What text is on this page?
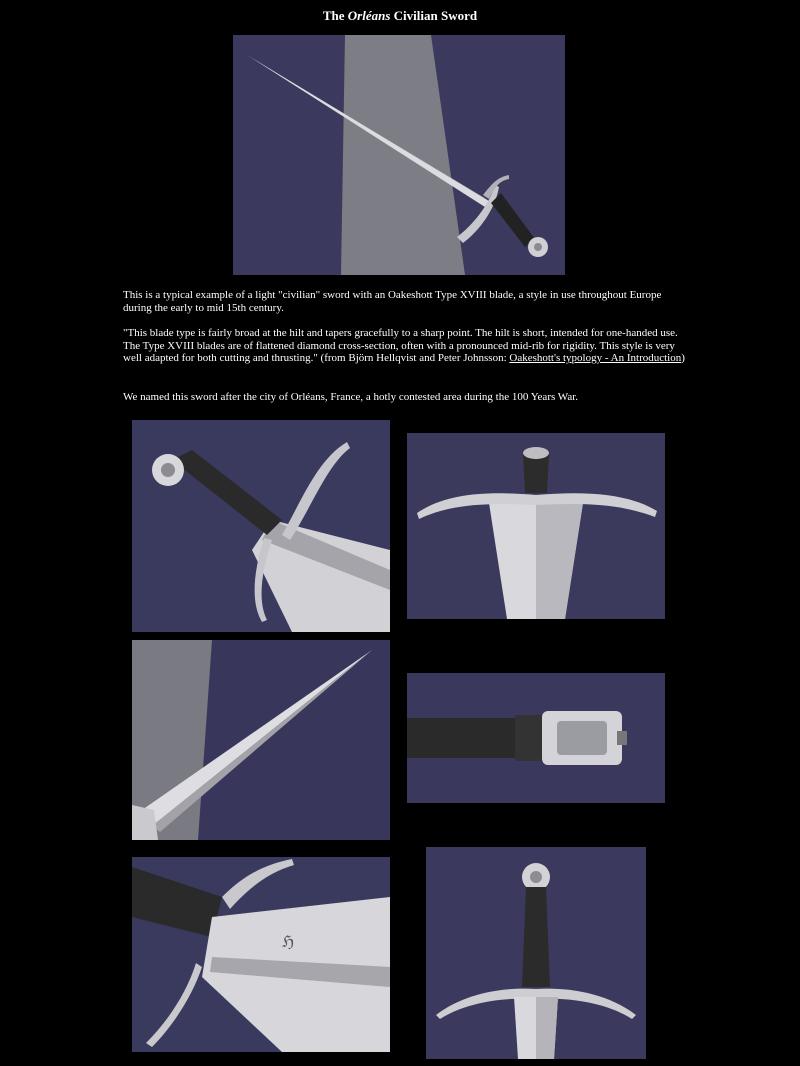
The Orléans Civilian Sword

This is a typical example of a light "civilian" sword with an Oakeshott Type XVIII blade, a style in use throughout Europe during the early to mid 15th century.

"This blade type is fairly broad at the hilt and tapers gracefully to a sharp point. The hilt is short, intended for one-handed use. The Type XVIII blades are of flattened diamond cross-section, often with a pronounced mid-rib for rigidity. This style is very well adapted for both cutting and thrusting." (from Björn Hellqvist and Peter Johnsson: Oakeshott's typology - An Introduction)

We named this sword after the city of Orléans, France, a hotly contested area during the 100 Years War.

ℌ
